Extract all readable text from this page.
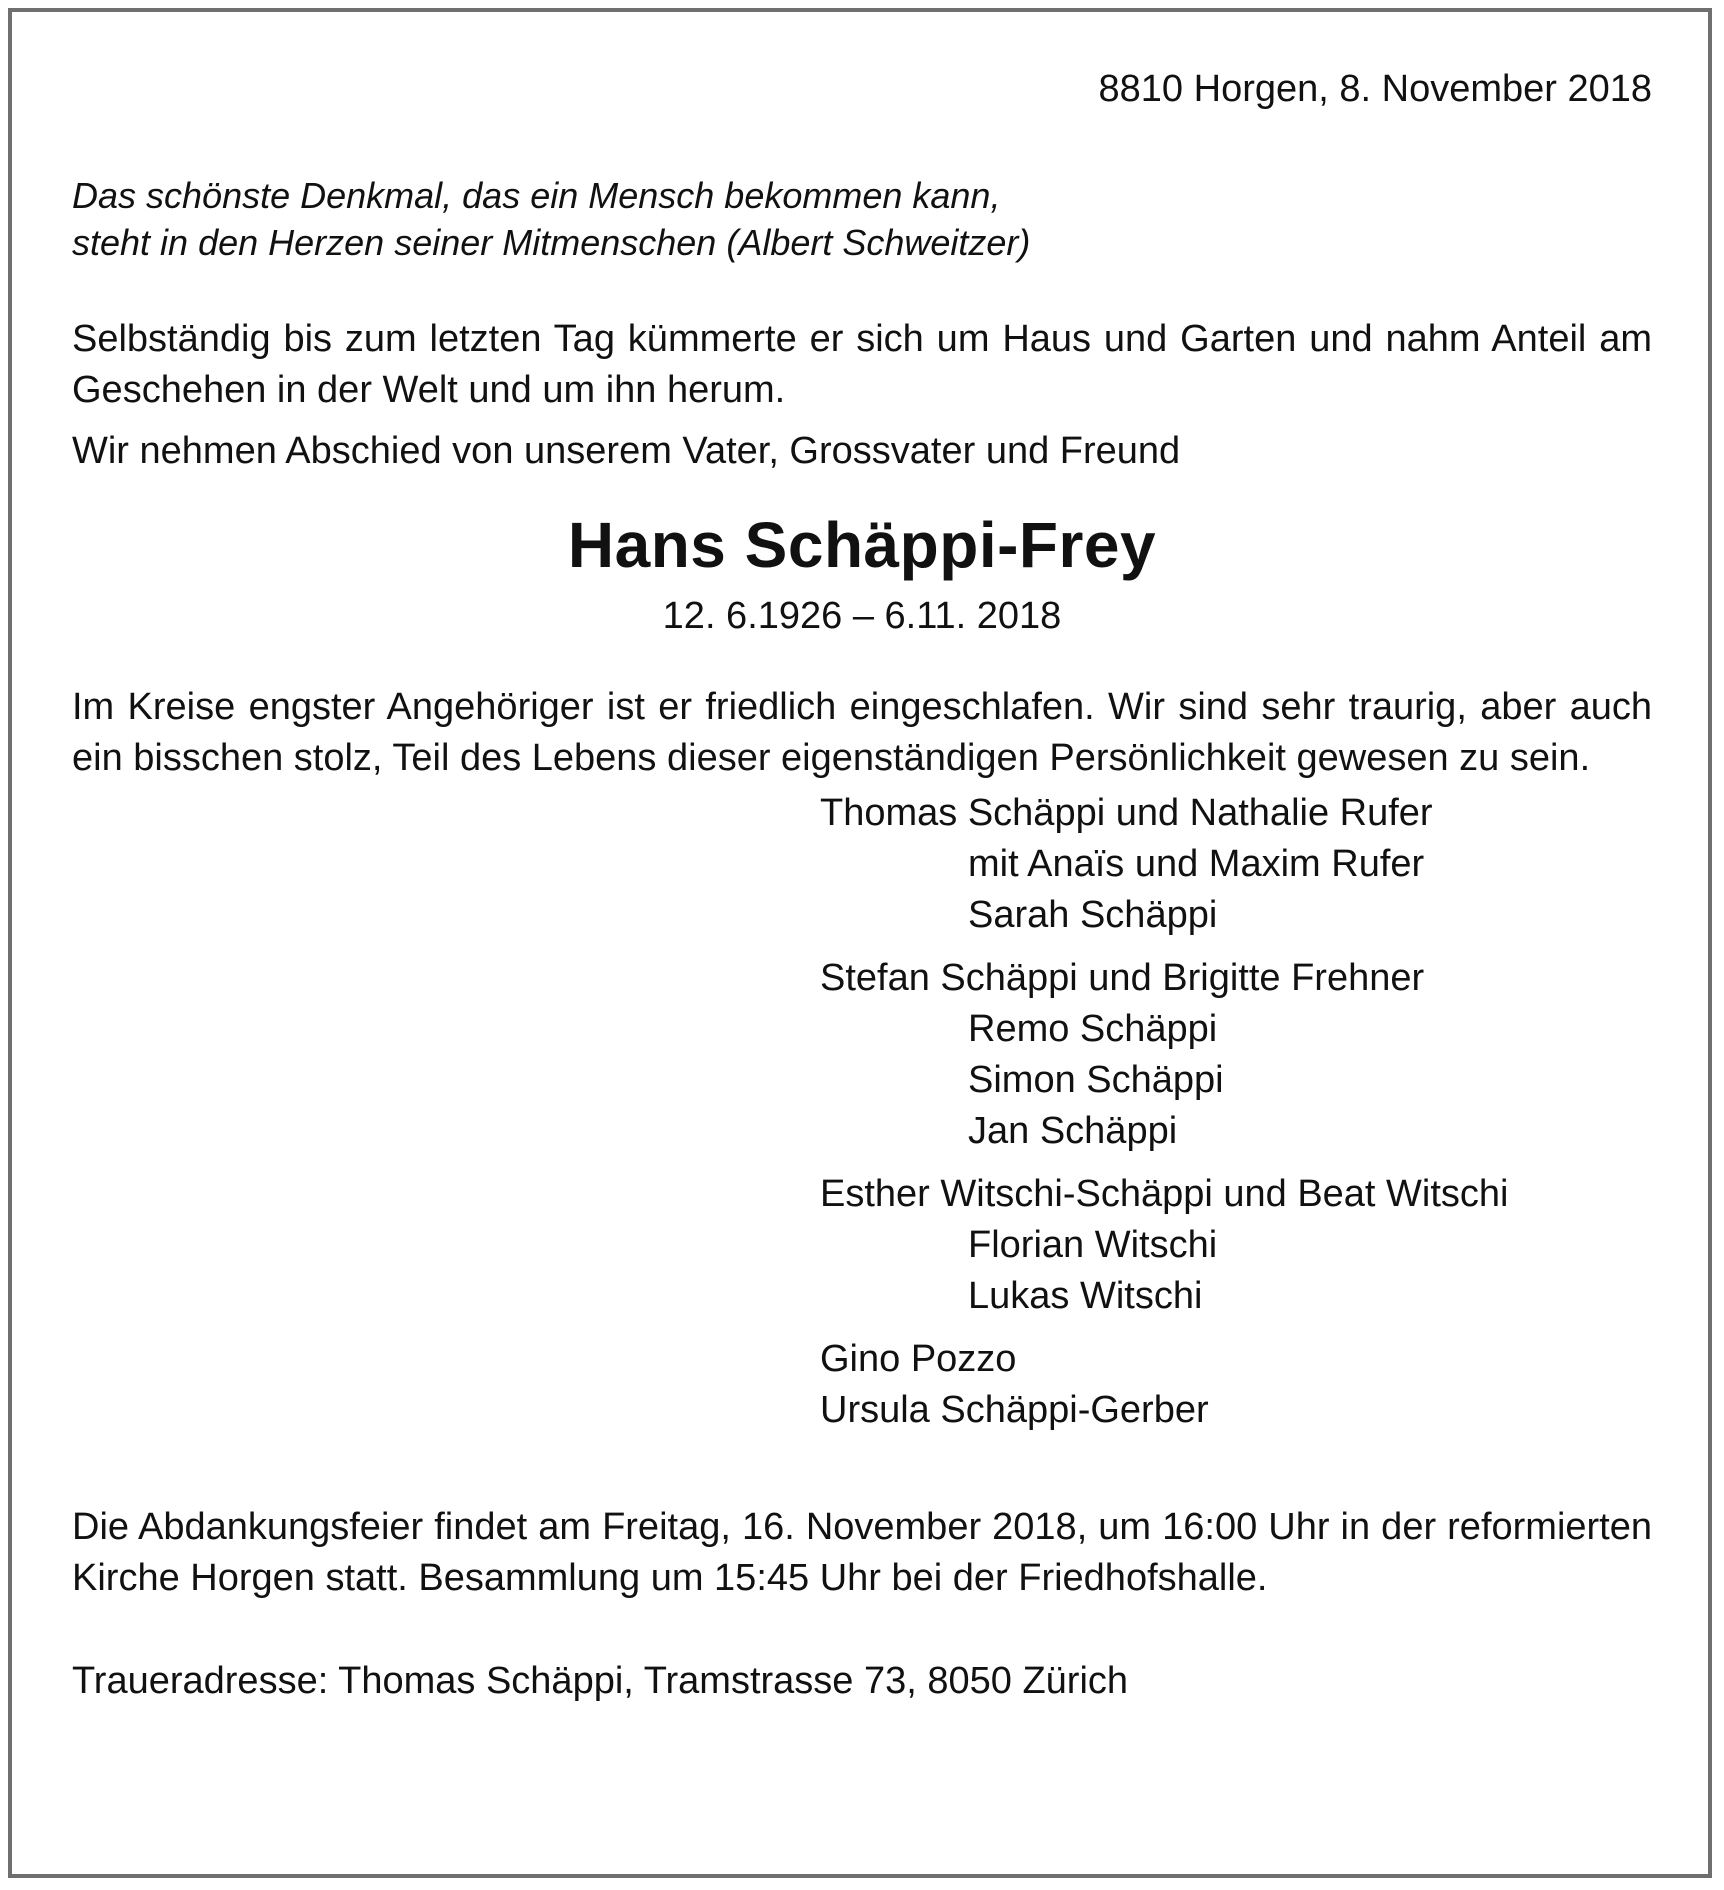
8810 Horgen, 8. November 2018

Das schönste Denkmal, das ein Mensch bekommen kann,
steht in den Herzen seiner Mitmenschen (Albert Schweitzer)

Selbständig bis zum letzten Tag kümmerte er sich um Haus und Garten und nahm Anteil am Geschehen in der Welt und um ihn herum.

Wir nehmen Abschied von unserem Vater, Grossvater und Freund

Hans Schäppi-Frey
12. 6.1926 – 6.11. 2018

Im Kreise engster Angehöriger ist er friedlich eingeschlafen. Wir sind sehr traurig, aber auch ein bisschen stolz, Teil des Lebens dieser eigenständigen Persönlichkeit gewesen zu sein.

Thomas Schäppi und Nathalie Rufer
mit Anaïs und Maxim Rufer
Sarah Schäppi
Stefan Schäppi und Brigitte Frehner
Remo Schäppi
Simon Schäppi
Jan Schäppi
Esther Witschi-Schäppi und Beat Witschi
Florian Witschi
Lukas Witschi
Gino Pozzo
Ursula Schäppi-Gerber

Die Abdankungsfeier findet am Freitag, 16. November 2018, um 16:00 Uhr in der reformierten Kirche Horgen statt. Besammlung um 15:45 Uhr bei der Friedhofshalle.

Traueradresse: Thomas Schäppi, Tramstrasse 73, 8050 Zürich
